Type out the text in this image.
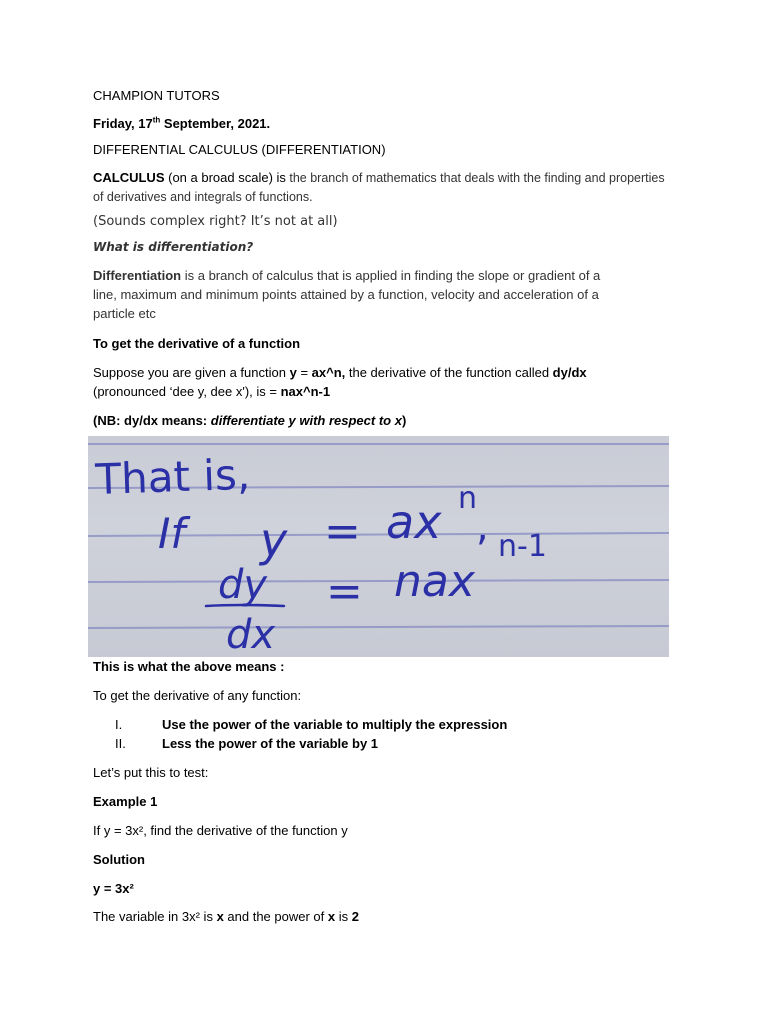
CHAMPION TUTORS
Friday, 17th September, 2021.
DIFFERENTIAL CALCULUS (DIFFERENTIATION)
CALCULUS (on a broad scale) is the branch of mathematics that deals with the finding and properties
of derivatives and integrals of functions.
(Sounds complex right? It’s not at all)
What is differentiation?
Differentiation is a branch of calculus that is applied in finding the slope or gradient of a
line, maximum and minimum points attained by a function, velocity and acceleration of a
particle etc
To get the derivative of a function
Suppose you are given a function y = ax^n, the derivative of the function called dy/dx
(pronounced ‘dee y, dee x'), is = nax^n-1
(NB: dy/dx means: differentiate y with respect to x)
This is what the above means :
To get the derivative of any function:
I.	Use the power of the variable to multiply the expression
II.	Less the power of the variable by 1
Let’s put this to test:
Example 1
If y = 3x², find the derivative of the function y
Solution
y = 3x²
The variable in 3x² is x and the power of x is 2
That is,
If y = ax n
,
dy
dx
= nax
n-1
